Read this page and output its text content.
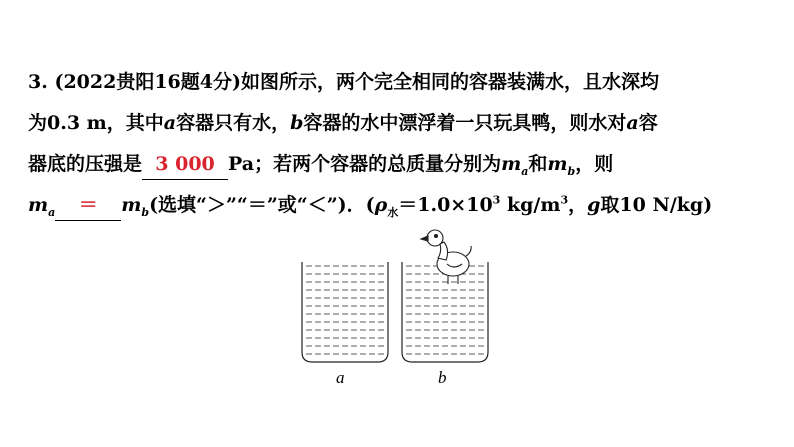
3. (2022贵阳16题4分)如图所示，两个完全相同的容器装满水，且水深均
为0.3 m，其中a容器只有水，b容器的水中漂浮着一只玩具鸭，则水对a容
器底的压强是 3 000 Pa；若两个容器的总质量分别为$m_a$和$m_b$，则
$m_a = m_b$(选填“＞”“＝”或“＜”)．($\rho_水=1.0\times 10^3$ $kg/m^3$，g取10 N/kg)
a	b
